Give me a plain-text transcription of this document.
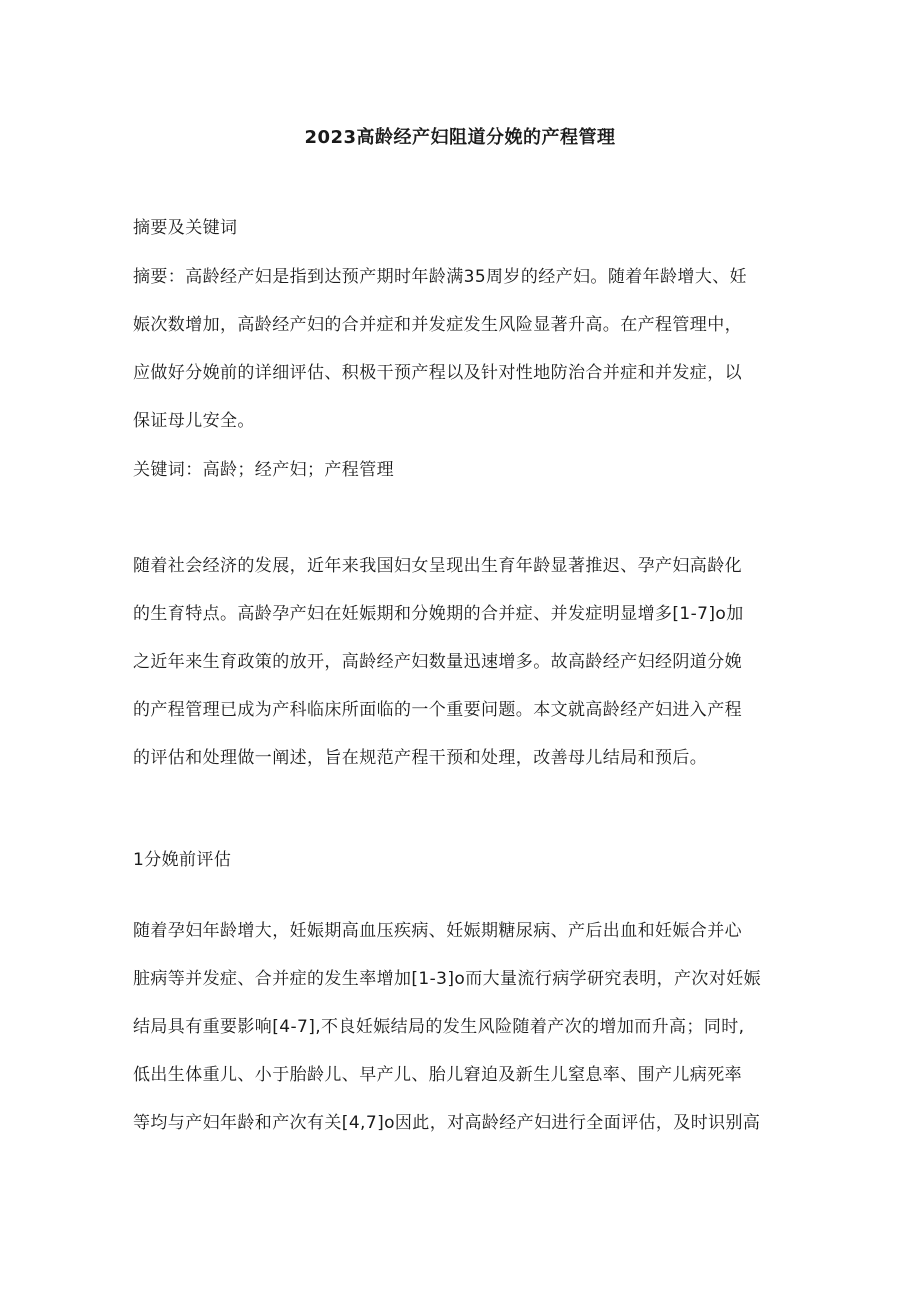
2023高龄经产妇阻道分娩的产程管理
摘要及关键词
摘要：高龄经产妇是指到达预产期时年龄满35周岁的经产妇。随着年龄增大、妊
娠次数增加，高龄经产妇的合并症和并发症发生风险显著升高。在产程管理中，
应做好分娩前的详细评估、积极干预产程以及针对性地防治合并症和并发症，以
保证母儿安全。
关键词：高龄；经产妇；产程管理
随着社会经济的发展，近年来我国妇女呈现出生育年龄显著推迟、孕产妇高龄化
的生育特点。高龄孕产妇在妊娠期和分娩期的合并症、并发症明显增多[1-7]o加
之近年来生育政策的放开，高龄经产妇数量迅速增多。故高龄经产妇经阴道分娩
的产程管理已成为产科临床所面临的一个重要问题。本文就高龄经产妇进入产程
的评估和处理做一阐述，旨在规范产程干预和处理，改善母儿结局和预后。
1分娩前评估
随着孕妇年龄增大，妊娠期高血压疾病、妊娠期糖尿病、产后出血和妊娠合并心
脏病等并发症、合并症的发生率增加[1-3]o而大量流行病学研究表明，产次对妊娠
结局具有重要影响[4-7],不良妊娠结局的发生风险随着产次的增加而升高；同时,
低出生体重儿、小于胎龄儿、早产儿、胎儿窘迫及新生儿窒息率、围产儿病死率
等均与产妇年龄和产次有关[4,7]o因此，对高龄经产妇进行全面评估，及时识别高
